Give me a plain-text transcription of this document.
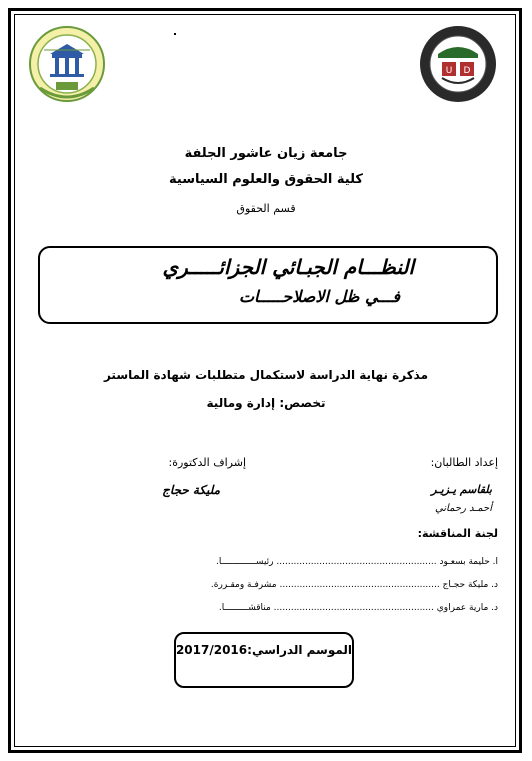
U D
جامعة زيان عاشور الجلفة
كلية الحقوق والعلوم السياسية
قسم الحقوق
النظـــام الجبـائي الجزائـــــري
فـــي ظل الاصلاحـــــات
مذكرة نهاية الدراسة لاستكمال متطلبات شهادة الماستر
تخصص: إدارة ومالية
إشراف الدكتورة:
مليكة حجاج
إعداد الطالبان:
بلقاسم يـزيـر
أحمـد رحماني
لجنة المناقشة:
أ. حليمة بسعـود ........................................................ رئيســـــــــــــا.
د. مليكة حجـاج ........................................................ مشرفـة ومقـررة.
د. مارية عمراوي ........................................................ مناقشـــــــــا.
الموسم الدراسي:2017/2016
